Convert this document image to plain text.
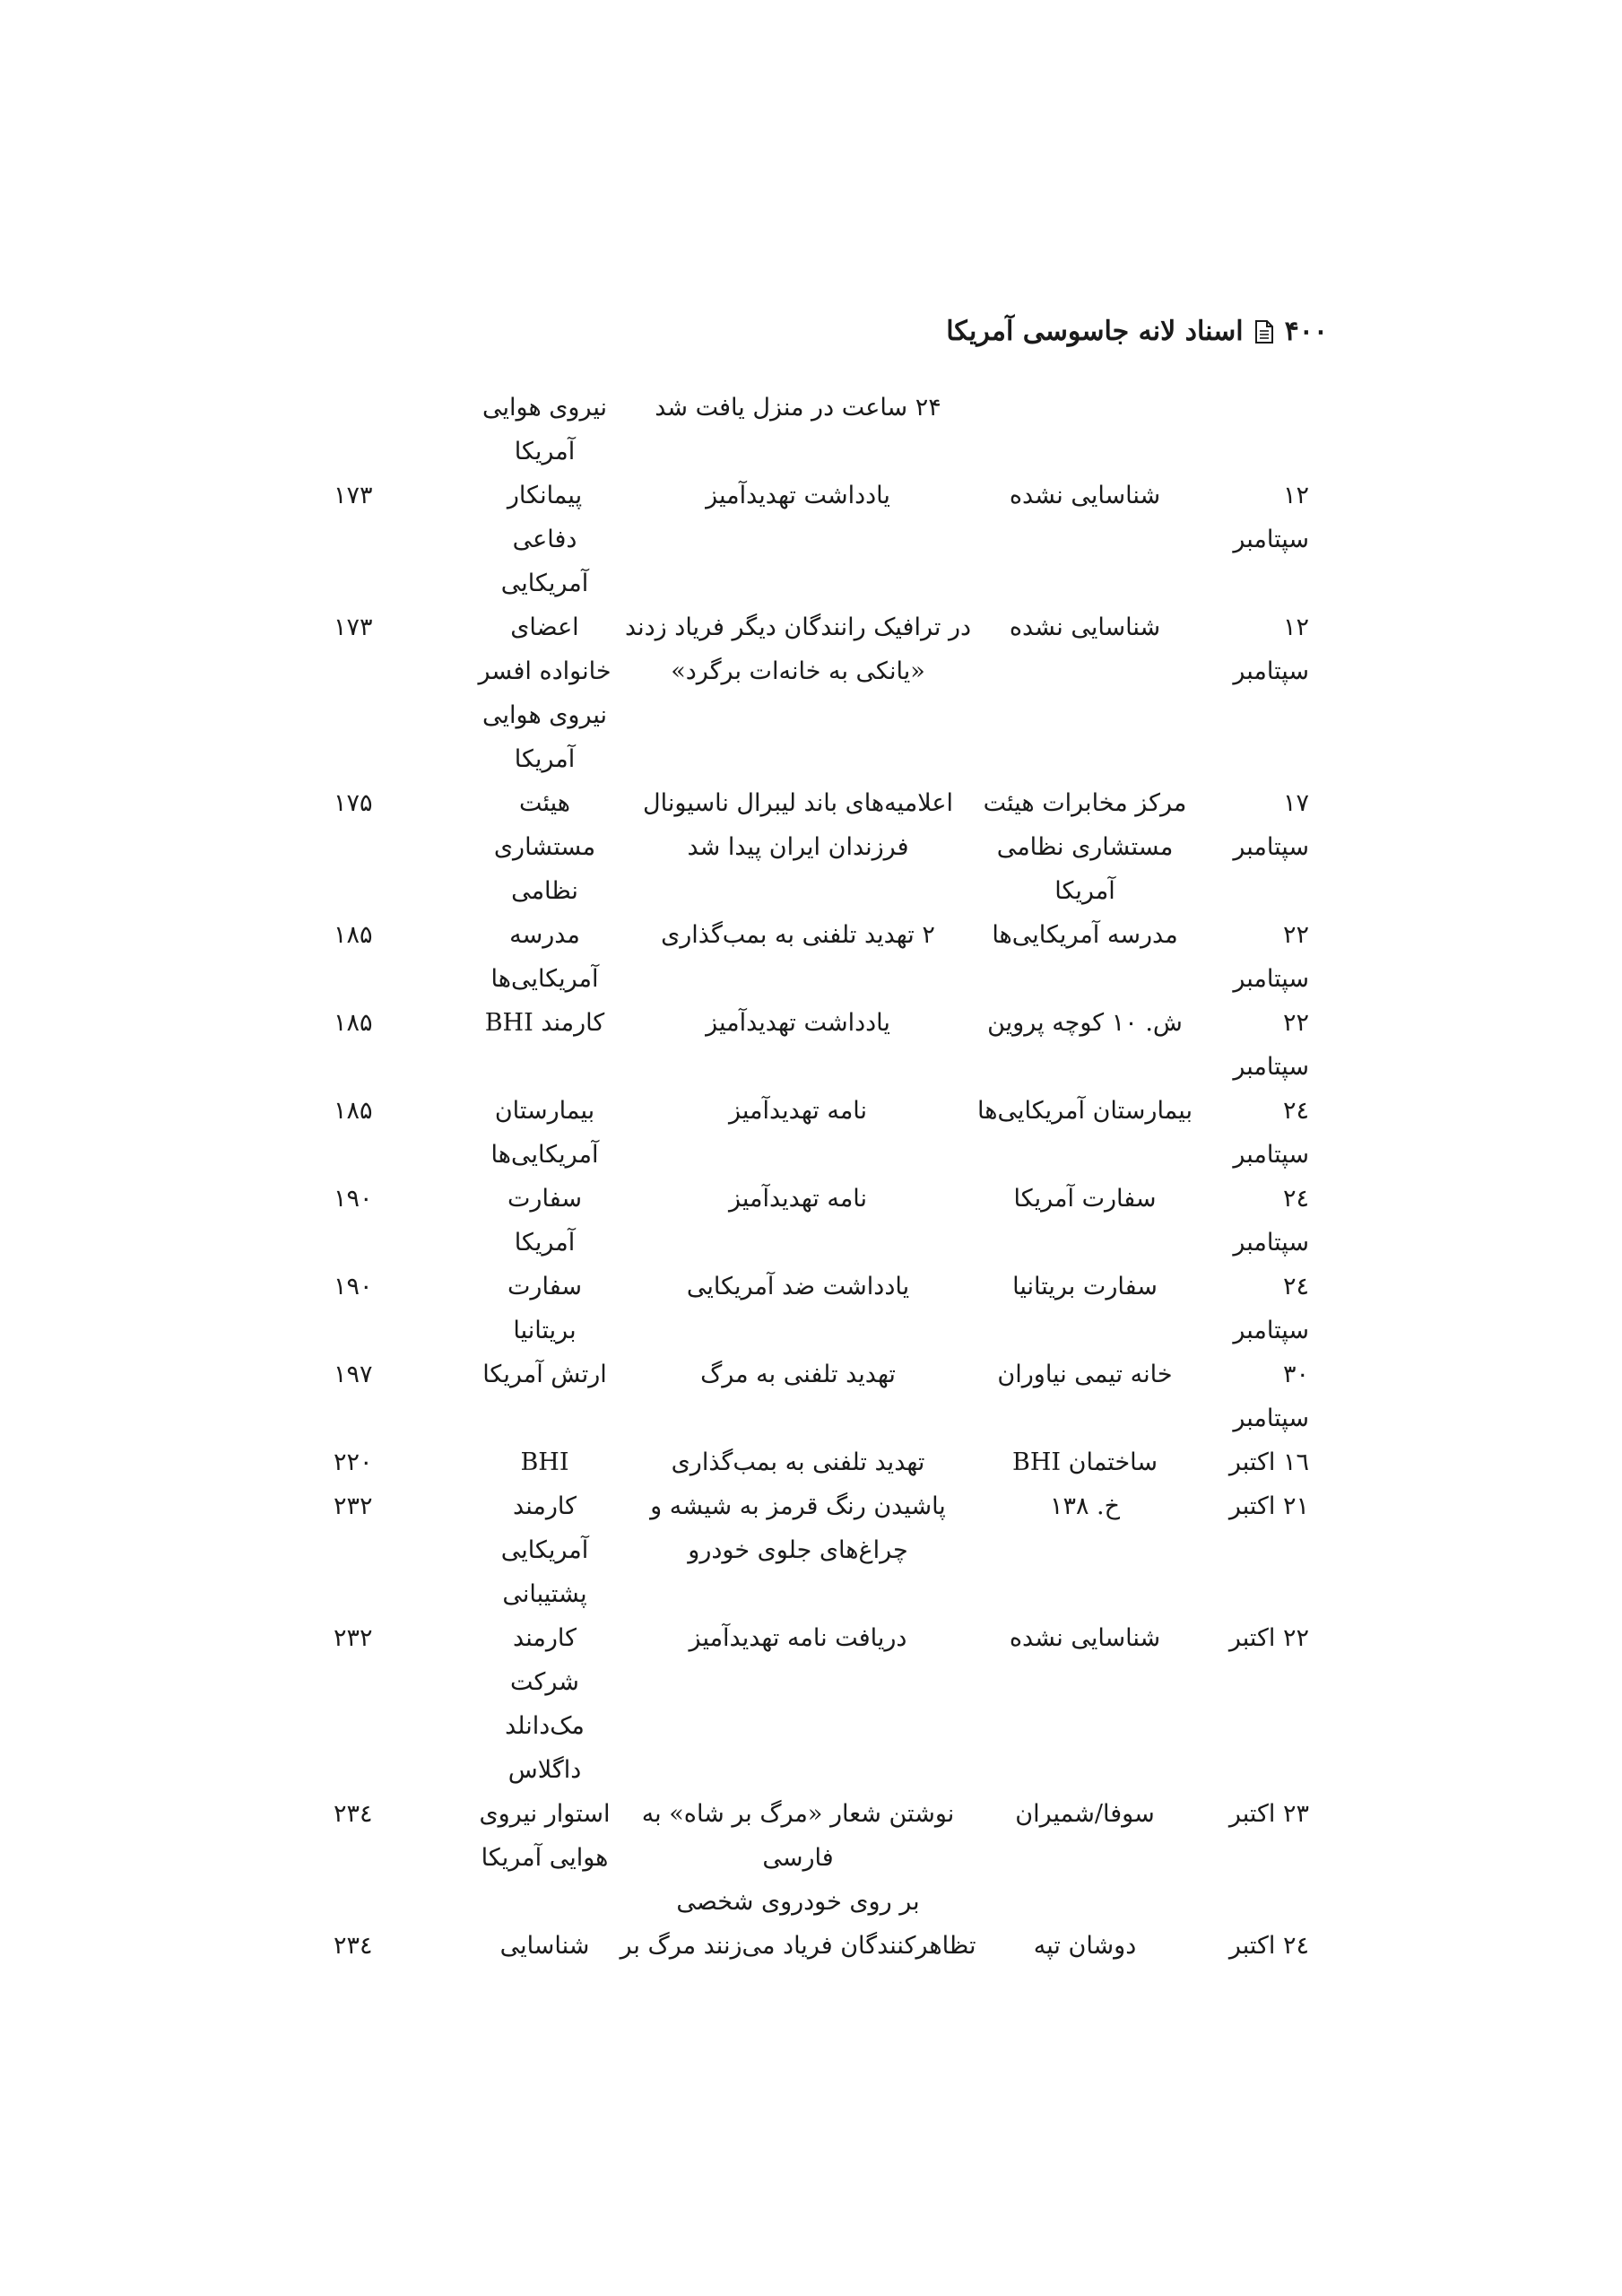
۴۰۰
اسناد لانه جاسوسی آمریکا
۲۴ ساعت در منزل یافت شد
نیروی هوایی
آمریکا
۱۲
سپتامبر
شناسایی نشده
یادداشت تهدیدآمیز
پیمانکار
دفاعی
آمریکایی
۱۷۳
۱۲
سپتامبر
شناسایی نشده
در ترافیک رانندگان دیگر فریاد زدند
«یانکی به خانه‌ات برگرد»
اعضای
خانواده افسر
نیروی هوایی
آمریکا
۱۷۳
۱۷
سپتامبر
مرکز مخابرات هیئت
مستشاری نظامی
آمریکا
اعلامیه‌های باند لیبرال ناسیونال
فرزندان ایران پیدا شد
هیئت
مستشاری
نظامی
۱۷۵
۲۲
سپتامبر
مدرسه آمریکایی‌ها
۲ تهدید تلفنی به بمب‌گذاری
مدرسه
آمریکایی‌ها
۱۸۵
۲۲
سپتامبر
ش. ۱۰ کوچه پروین
یادداشت تهدیدآمیز
کارمند BHI
۱۸۵
۲٤
سپتامبر
بیمارستان آمریکایی‌ها
نامه تهدیدآمیز
بیمارستان
آمریکایی‌ها
۱۸۵
۲٤
سپتامبر
سفارت آمریکا
نامه تهدیدآمیز
سفارت
آمریکا
۱۹۰
۲٤
سپتامبر
سفارت بریتانیا
یادداشت ضد آمریکایی
سفارت
بریتانیا
۱۹۰
۳۰
سپتامبر
خانه تیمی نیاوران
تهدید تلفنی به مرگ
ارتش آمریکا
۱۹۷
۱٦ اکتبر
ساختمان BHI
تهدید تلفنی به بمب‌گذاری
BHI
۲۲۰
۲۱ اکتبر
خ. ۱۳۸
پاشیدن رنگ قرمز به شیشه و
چراغ‌های جلوی خودرو
کارمند
آمریکایی
پشتیبانی
۲۳۲
۲۲ اکتبر
شناسایی نشده
دریافت نامه تهدیدآمیز
کارمند
شرکت
مک‌دانلد
داگلاس
۲۳۲
۲۳ اکتبر
سوفا/شمیران
نوشتن شعار «مرگ بر شاه» به فارسی
بر روی خودروی شخصی
استوار نیروی
هوایی آمریکا
۲۳٤
۲٤ اکتبر
دوشان تپه
تظاهرکنندگان فریاد می‌زنند مرگ بر
شناسایی
۲۳٤
